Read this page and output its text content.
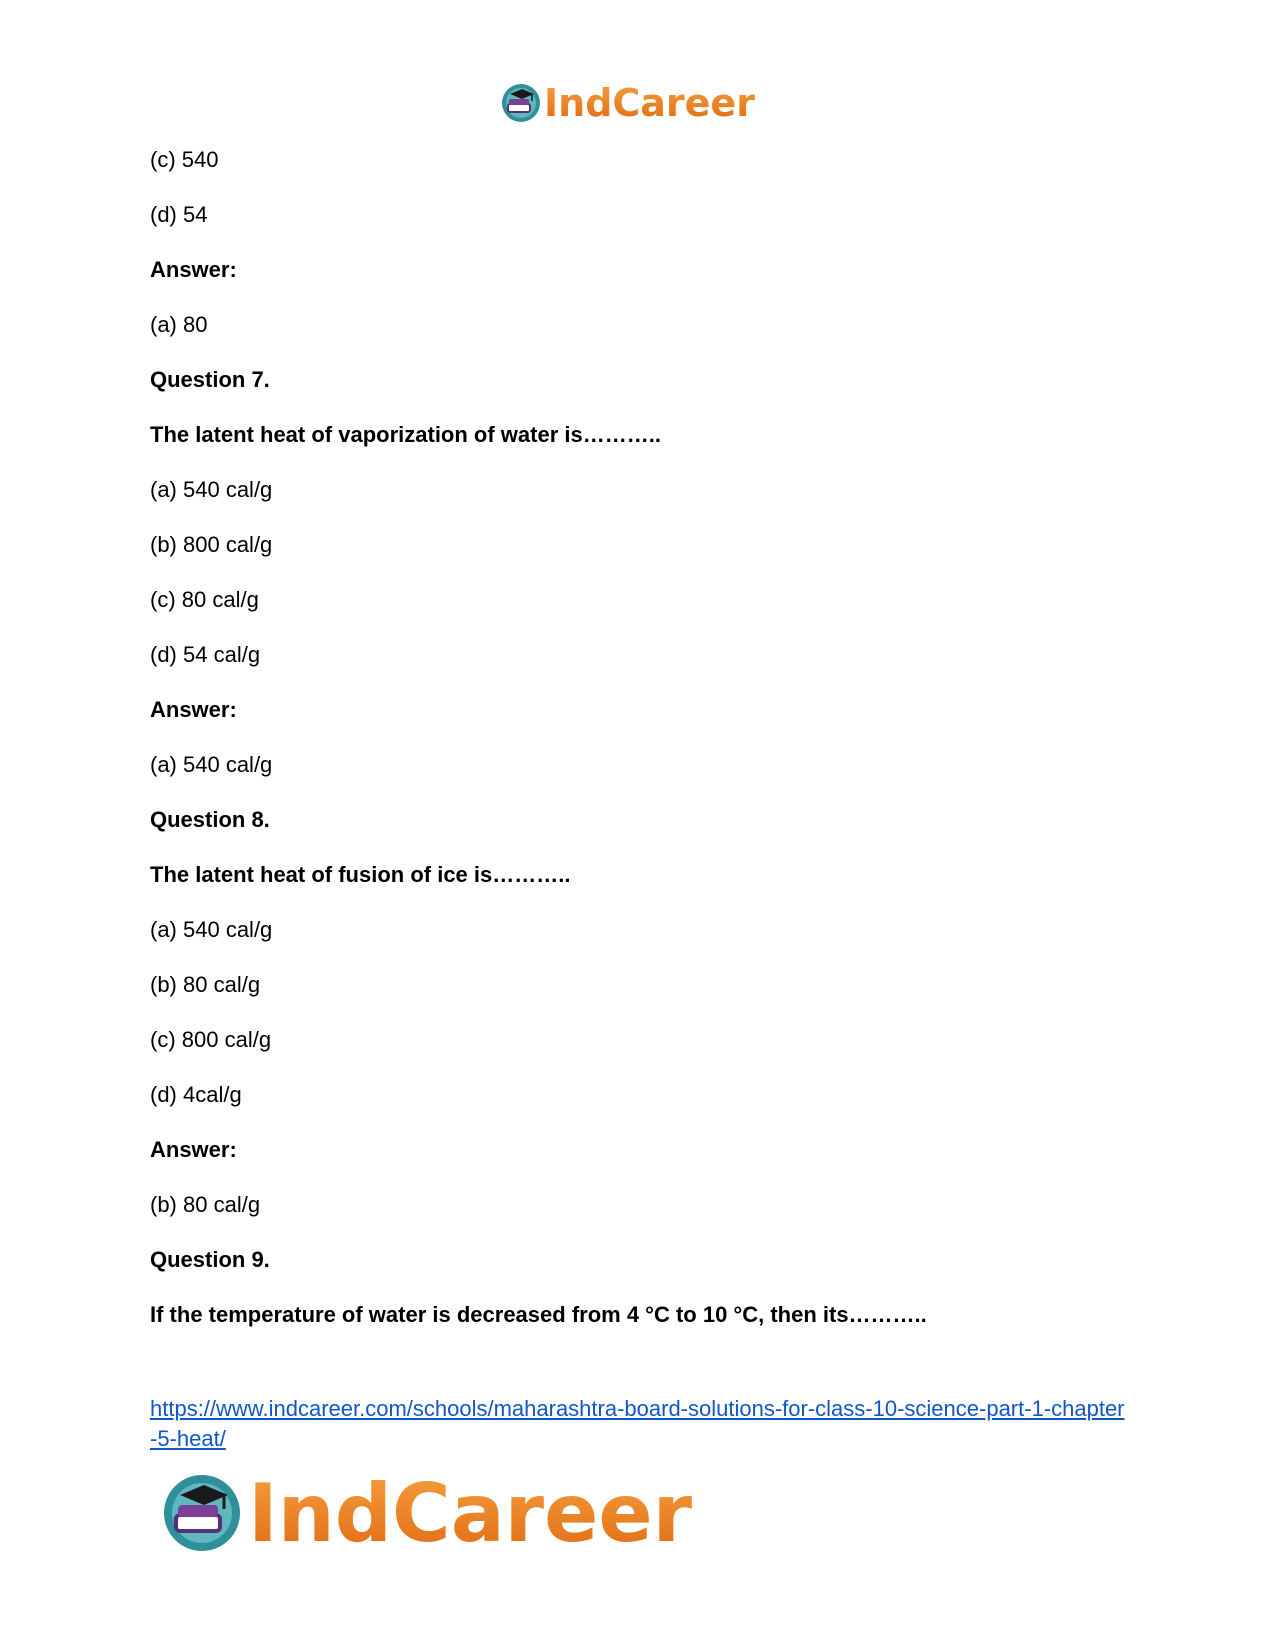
IndCareer
(c) 540
(d) 54
Answer:
(a) 80
Question 7.
The latent heat of vaporization of water is………..
(a) 540 cal/g
(b) 800 cal/g
(c) 80 cal/g
(d) 54 cal/g
Answer:
(a) 540 cal/g
Question 8.
The latent heat of fusion of ice is………..
(a) 540 cal/g
(b) 80 cal/g
(c) 800 cal/g
(d) 4cal/g
Answer:
(b) 80 cal/g
Question 9.
If the temperature of water is decreased from 4 °C to 10 °C, then its………..
https://www.indcareer.com/schools/maharashtra-board-solutions-for-class-10-science-part-1-chapter-5-heat/
IndCareer
